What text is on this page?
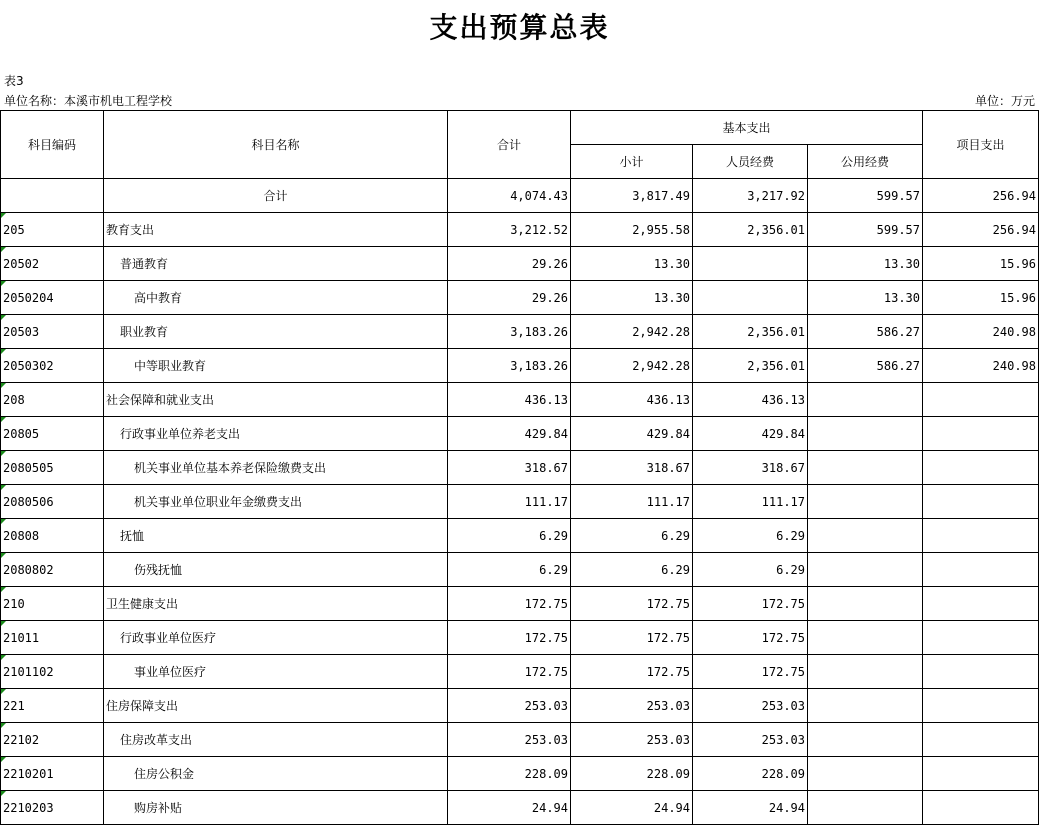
支出预算总表
表3
单位名称：本溪市机电工程学校	单位：万元
科目编码	科目名称	合计	基本支出			项目支出
			小计	人员经费	公用经费	
	合计	4,074.43	3,817.49	3,217.92	599.57	256.94

205	教育支出	3,212.52	2,955.58	2,356.01	599.57	256.94

20502	普通教育	29.26	13.30		13.30	15.96

2050204	高中教育	29.26	13.30		13.30	15.96

20503	职业教育	3,183.26	2,942.28	2,356.01	586.27	240.98

2050302	中等职业教育	3,183.26	2,942.28	2,356.01	586.27	240.98

208	社会保障和就业支出	436.13	436.13	436.13		

20805	行政事业单位养老支出	429.84	429.84	429.84		

2080505	机关事业单位基本养老保险缴费支出	318.67	318.67	318.67		

2080506	机关事业单位职业年金缴费支出	111.17	111.17	111.17		

20808	抚恤	6.29	6.29	6.29		

2080802	伤残抚恤	6.29	6.29	6.29		

210	卫生健康支出	172.75	172.75	172.75		

21011	行政事业单位医疗	172.75	172.75	172.75		

2101102	事业单位医疗	172.75	172.75	172.75		

221	住房保障支出	253.03	253.03	253.03		

22102	住房改革支出	253.03	253.03	253.03		

2210201	住房公积金	228.09	228.09	228.09		

2210203	购房补贴	24.94	24.94	24.94		
